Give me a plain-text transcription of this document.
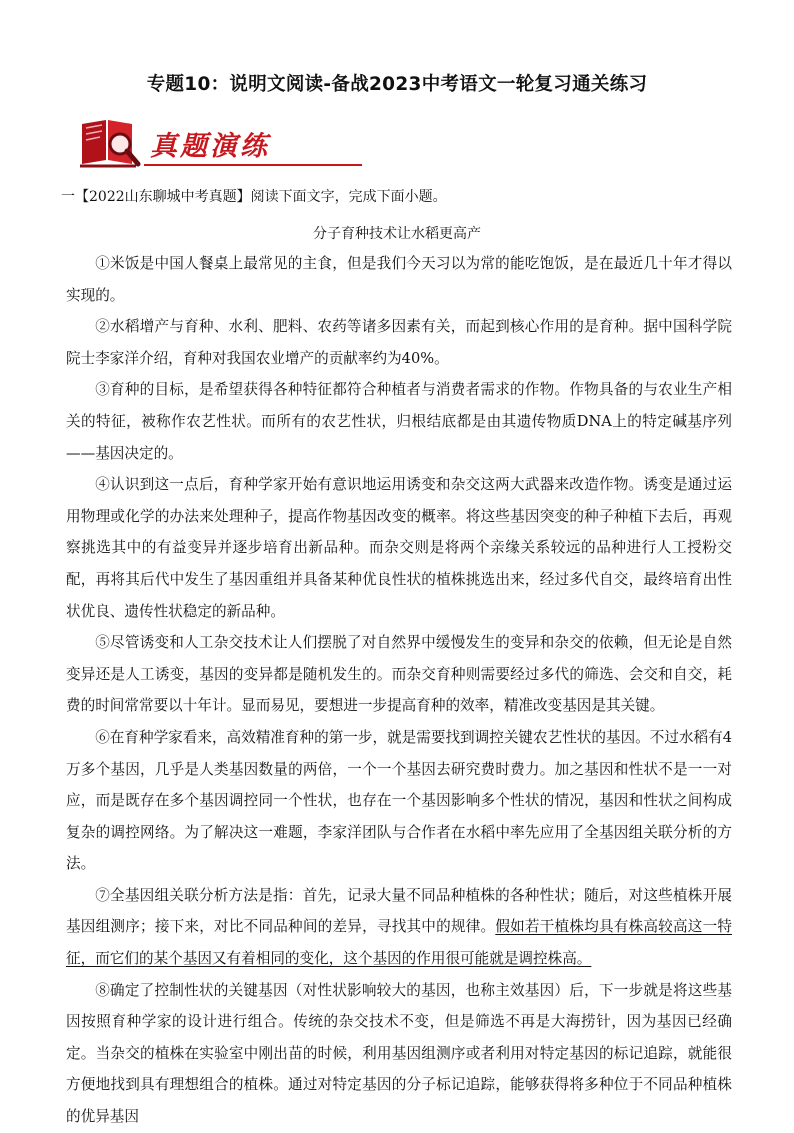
专题10：说明文阅读-备战2023中考语文一轮复习通关练习
真题演练
一【2022山东聊城中考真题】阅读下面文字，完成下面小题。
分子育种技术让水稻更高产

①米饭是中国人餐桌上最常见的主食，但是我们今天习以为常的能吃饱饭，是在最近几十年才得以实现的。

②水稻增产与育种、水利、肥料、农药等诸多因素有关，而起到核心作用的是育种。据中国科学院院士李家洋介绍，育种对我国农业增产的贡献率约为40%。

③育种的目标，是希望获得各种特征都符合种植者与消费者需求的作物。作物具备的与农业生产相关的特征，被称作农艺性状。而所有的农艺性状，归根结底都是由其遗传物质DNA上的特定碱基序列——基因决定的。

④认识到这一点后，育种学家开始有意识地运用诱变和杂交这两大武器来改造作物。诱变是通过运用物理或化学的办法来处理种子，提高作物基因改变的概率。将这些基因突变的种子种植下去后，再观察挑选其中的有益变异并逐步培育出新品种。而杂交则是将两个亲缘关系较远的品种进行人工授粉交配，再将其后代中发生了基因重组并具备某种优良性状的植株挑选出来，经过多代自交，最终培育出性状优良、遗传性状稳定的新品种。

⑤尽管诱变和人工杂交技术让人们摆脱了对自然界中缓慢发生的变异和杂交的依赖，但无论是自然变异还是人工诱变，基因的变异都是随机发生的。而杂交育种则需要经过多代的筛选、会交和自交，耗费的时间常常要以十年计。显而易见，要想进一步提高育种的效率，精准改变基因是其关键。

⑥在育种学家看来，高效精准育种的第一步，就是需要找到调控关键农艺性状的基因。不过水稻有4万多个基因，几乎是人类基因数量的两倍，一个一个基因去研究费时费力。加之基因和性状不是一一对应，而是既存在多个基因调控同一个性状，也存在一个基因影响多个性状的情况，基因和性状之间构成复杂的调控网络。为了解决这一难题，李家洋团队与合作者在水稻中率先应用了全基因组关联分析的方法。

⑦全基因组关联分析方法是指：首先，记录大量不同品种植株的各种性状；随后，对这些植株开展基因组测序；接下来，对比不同品种间的差异，寻找其中的规律。假如若干植株均具有株高较高这一特征，而它们的某个基因又有着相同的变化，这个基因的作用很可能就是调控株高。

⑧确定了控制性状的关键基因（对性状影响较大的基因，也称主效基因）后，下一步就是将这些基因按照育种学家的设计进行组合。传统的杂交技术不变，但是筛选不再是大海捞针，因为基因已经确定。当杂交的植株在实验室中刚出苗的时候，利用基因组测序或者利用对特定基因的标记追踪，就能很方便地找到具有理想组合的植株。通过对特定基因的分子标记追踪，能够获得将多种位于不同品种植株的优异基因
